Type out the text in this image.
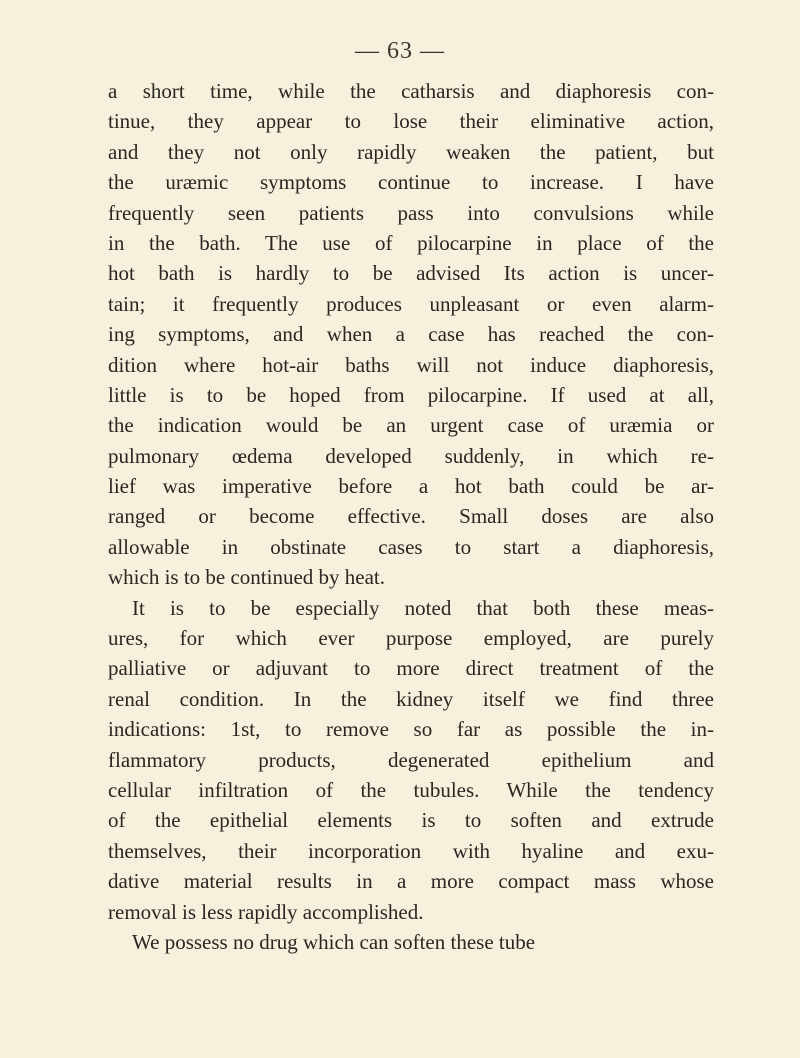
— 63 —
a short time, while the catharsis and diaphoresis con-
tinue, they appear to lose their eliminative action,
and they not only rapidly weaken the patient, but
the uræmic symptoms continue to increase. I have
frequently seen patients pass into convulsions while
in the bath. The use of pilocarpine in place of the
hot bath is hardly to be advised Its action is uncer-
tain; it frequently produces unpleasant or even alarm-
ing symptoms, and when a case has reached the con-
dition where hot-air baths will not induce diaphoresis,
little is to be hoped from pilocarpine. If used at all,
the indication would be an urgent case of uræmia or
pulmonary œdema developed suddenly, in which re-
lief was imperative before a hot bath could be ar-
ranged or become effective. Small doses are also
allowable in obstinate cases to start a diaphoresis,
which is to be continued by heat.
It is to be especially noted that both these meas-
ures, for which ever purpose employed, are purely
palliative or adjuvant to more direct treatment of the
renal condition. In the kidney itself we find three
indications: 1st, to remove so far as possible the in-
flammatory products, degenerated epithelium and
cellular infiltration of the tubules. While the tendency
of the epithelial elements is to soften and extrude
themselves, their incorporation with hyaline and exu-
dative material results in a more compact mass whose
removal is less rapidly accomplished.
We possess no drug which can soften these tube
